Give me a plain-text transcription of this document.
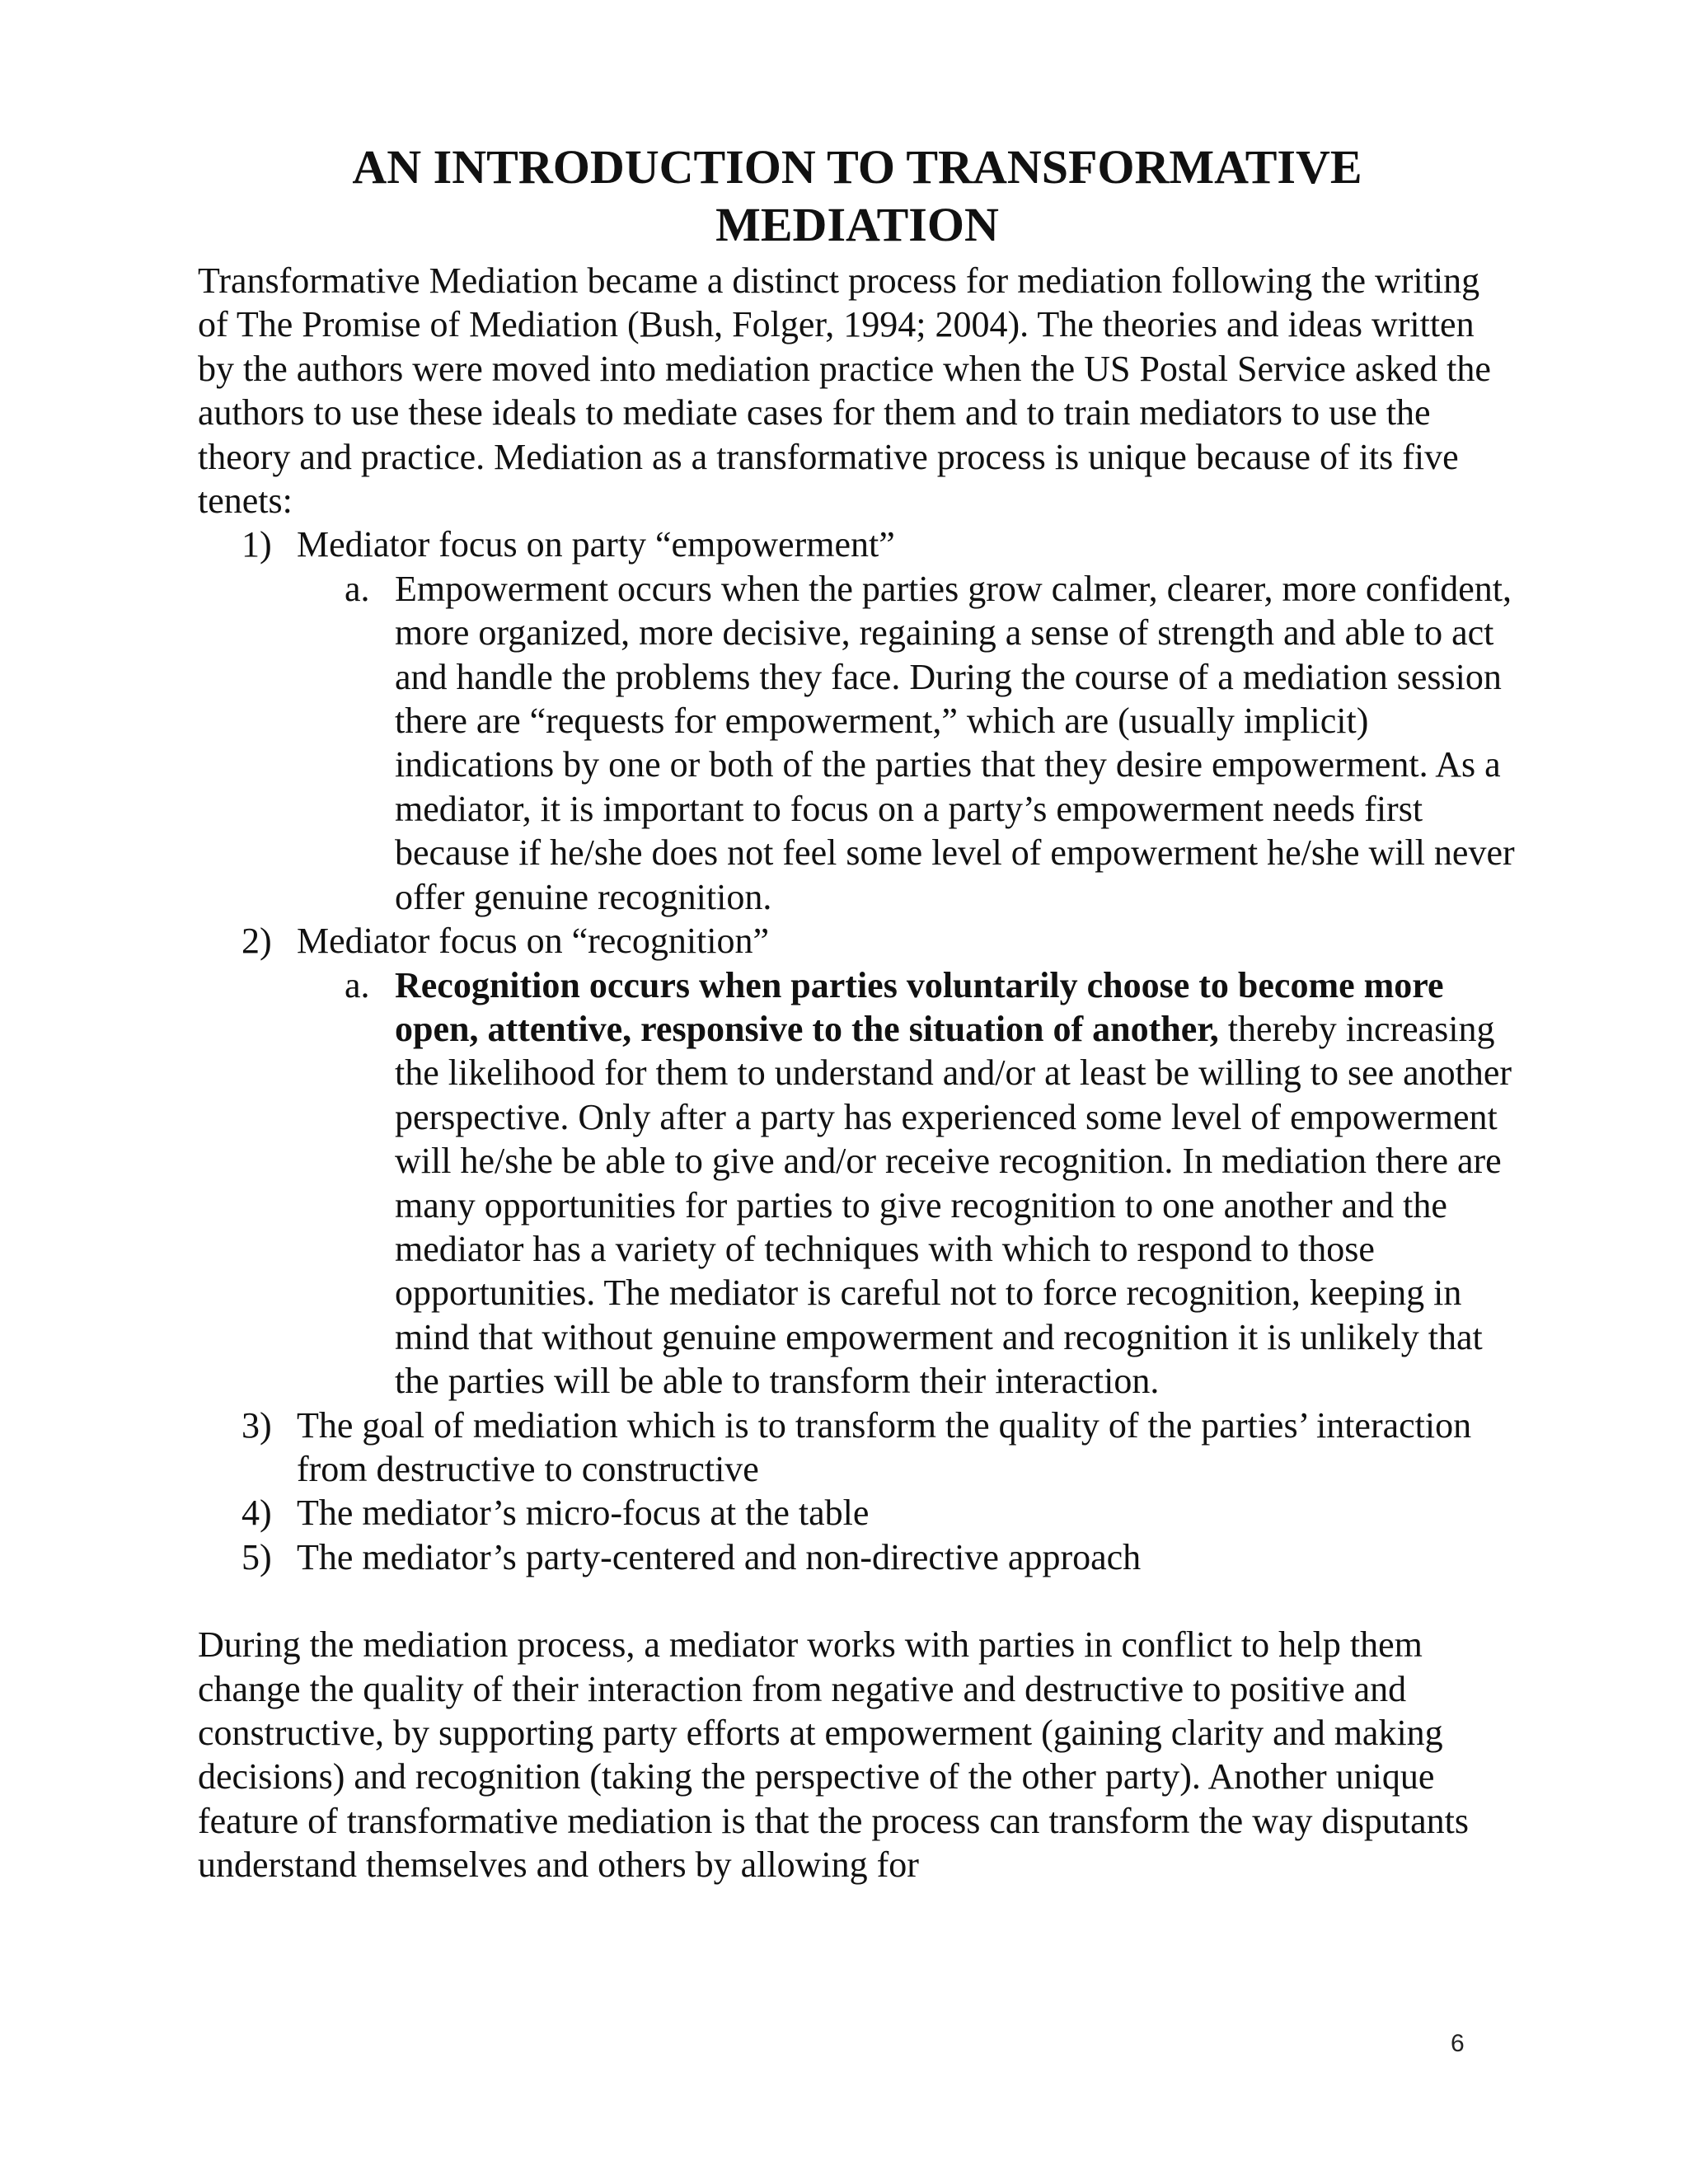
AN INTRODUCTION TO TRANSFORMATIVE
MEDIATION

Transformative Mediation became a distinct process for mediation following the writing of The Promise of Mediation (Bush, Folger, 1994; 2004). The theories and ideas written by the authors were moved into mediation practice when the US Postal Service asked the authors to use these ideals to mediate cases for them and to train mediators to use the theory and practice. Mediation as a transformative process is unique because of its five tenets:

1) Mediator focus on party “empowerment”
a. Empowerment occurs when the parties grow calmer, clearer, more confident, more organized, more decisive, regaining a sense of strength and able to act and handle the problems they face. During the course of a mediation session there are “requests for empowerment,” which are (usually implicit) indications by one or both of the parties that they desire empowerment. As a mediator, it is important to focus on a party’s empowerment needs first because if he/she does not feel some level of empowerment he/she will never offer genuine recognition.
2) Mediator focus on “recognition”
a. Recognition occurs when parties voluntarily choose to become more open, attentive, responsive to the situation of another, thereby increasing the likelihood for them to understand and/or at least be willing to see another perspective. Only after a party has experienced some level of empowerment will he/she be able to give and/or receive recognition. In mediation there are many opportunities for parties to give recognition to one another and the mediator has a variety of techniques with which to respond to those opportunities. The mediator is careful not to force recognition, keeping in mind that without genuine empowerment and recognition it is unlikely that the parties will be able to transform their interaction.
3) The goal of mediation which is to transform the quality of the parties’ interaction from destructive to constructive
4) The mediator’s micro-focus at the table
5) The mediator’s party-centered and non-directive approach

During the mediation process, a mediator works with parties in conflict to help them change the quality of their interaction from negative and destructive to positive and constructive, by supporting party efforts at empowerment (gaining clarity and making decisions) and recognition (taking the perspective of the other party). Another unique feature of transformative mediation is that the process can transform the way disputants understand themselves and others by allowing for

6
